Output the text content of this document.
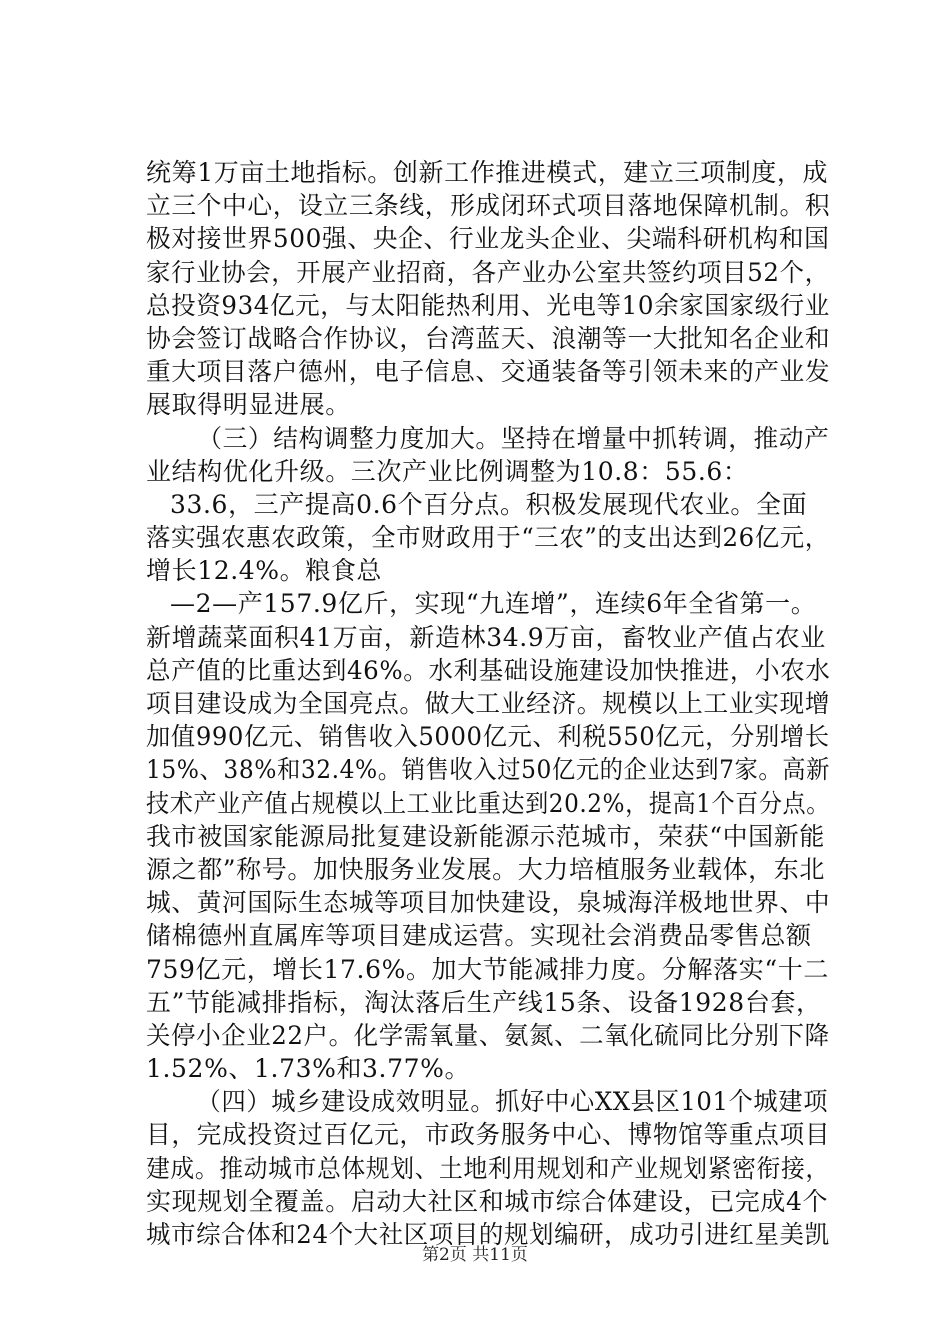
统筹1万亩土地指标。创新工作推进模式，建立三项制度，成
立三个中心，设立三条线，形成闭环式项目落地保障机制。积
极对接世界500强、央企、行业龙头企业、尖端科研机构和国
家行业协会，开展产业招商，各产业办公室共签约项目52个，
总投资934亿元，与太阳能热利用、光电等10余家国家级行业
协会签订战略合作协议，台湾蓝天、浪潮等一大批知名企业和
重大项目落户德州，电子信息、交通装备等引领未来的产业发
展取得明显进展。
（三）结构调整力度加大。坚持在增量中抓转调，推动产
业结构优化升级。三次产业比例调整为10.8：55.6：
33.6，三产提高0.6个百分点。积极发展现代农业。全面
落实强农惠农政策，全市财政用于“三农”的支出达到26亿元，
增长12.4%。粮食总
—2—产157.9亿斤，实现“九连增”，连续6年全省第一。
新增蔬菜面积41万亩，新造林34.9万亩，畜牧业产值占农业
总产值的比重达到46%。水利基础设施建设加快推进，小农水
项目建设成为全国亮点。做大工业经济。规模以上工业实现增
加值990亿元、销售收入5000亿元、利税550亿元，分别增长
15%、38%和32.4%。销售收入过50亿元的企业达到7家。高新
技术产业产值占规模以上工业比重达到20.2%，提高1个百分点。
我市被国家能源局批复建设新能源示范城市，荣获“中国新能
源之都”称号。加快服务业发展。大力培植服务业载体，东北
城、黄河国际生态城等项目加快建设，泉城海洋极地世界、中
储棉德州直属库等项目建成运营。实现社会消费品零售总额
759亿元，增长17.6%。加大节能减排力度。分解落实“十二
五”节能减排指标，淘汰落后生产线15条、设备1928台套，
关停小企业22户。化学需氧量、氨氮、二氧化硫同比分别下降
1.52%、1.73%和3.77%。
（四）城乡建设成效明显。抓好中心XX县区101个城建项
目，完成投资过百亿元，市政务服务中心、博物馆等重点项目
建成。推动城市总体规划、土地利用规划和产业规划紧密衔接，
实现规划全覆盖。启动大社区和城市综合体建设，已完成4个
城市综合体和24个大社区项目的规划编研，成功引进红星美凯
第2页 共11页
